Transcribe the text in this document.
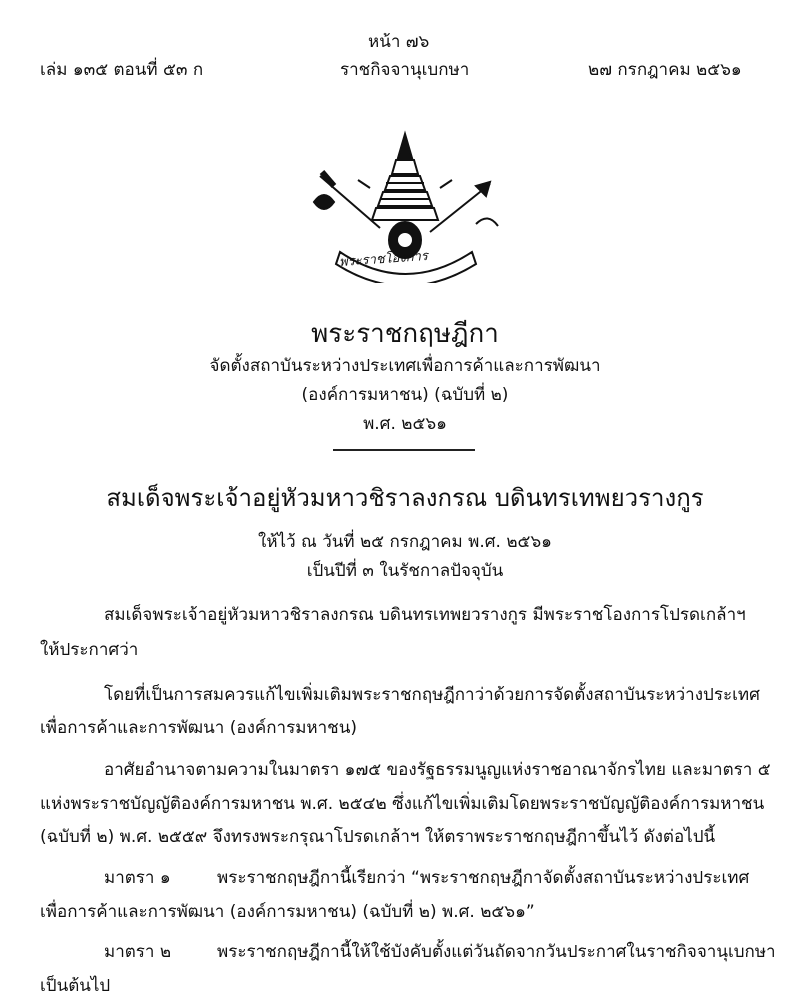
หน้า ๗๖
เล่ม ๑๓๕ ตอนที่ ๕๓ ก	ราชกิจจานุเบกษา	๒๗ กรกฎาคม ๒๕๖๑
พระราชโองการ
พระราชกฤษฎีกา
จัดตั้งสถาบันระหว่างประเทศเพื่อการค้าและการพัฒนา
(องค์การมหาชน) (ฉบับที่ ๒)
พ.ศ. ๒๕๖๑
สมเด็จพระเจ้าอยู่หัวมหาวชิราลงกรณ บดินทรเทพยวรางกูร
ให้ไว้ ณ วันที่ ๒๕ กรกฎาคม พ.ศ. ๒๕๖๑
เป็นปีที่ ๓ ในรัชกาลปัจจุบัน
สมเด็จพระเจ้าอยู่หัวมหาวชิราลงกรณ บดินทรเทพยวรางกูร มีพระราชโองการโปรดเกล้าฯ
ให้ประกาศว่า
โดยที่เป็นการสมควรแก้ไขเพิ่มเติมพระราชกฤษฎีกาว่าด้วยการจัดตั้งสถาบันระหว่างประเทศ
เพื่อการค้าและการพัฒนา (องค์การมหาชน)
อาศัยอำนาจตามความในมาตรา ๑๗๕ ของรัฐธรรมนูญแห่งราชอาณาจักรไทย และมาตรา ๕
แห่งพระราชบัญญัติองค์การมหาชน พ.ศ. ๒๕๔๒ ซึ่งแก้ไขเพิ่มเติมโดยพระราชบัญญัติองค์การมหาชน
(ฉบับที่ ๒) พ.ศ. ๒๕๕๙ จึงทรงพระกรุณาโปรดเกล้าฯ ให้ตราพระราชกฤษฎีกาขึ้นไว้ ดังต่อไปนี้
มาตรา ๑	พระราชกฤษฎีกานี้เรียกว่า “พระราชกฤษฎีกาจัดตั้งสถาบันระหว่างประเทศ
เพื่อการค้าและการพัฒนา (องค์การมหาชน) (ฉบับที่ ๒) พ.ศ. ๒๕๖๑”
มาตรา ๒	พระราชกฤษฎีกานี้ให้ใช้บังคับตั้งแต่วันถัดจากวันประกาศในราชกิจจานุเบกษา
เป็นต้นไป
